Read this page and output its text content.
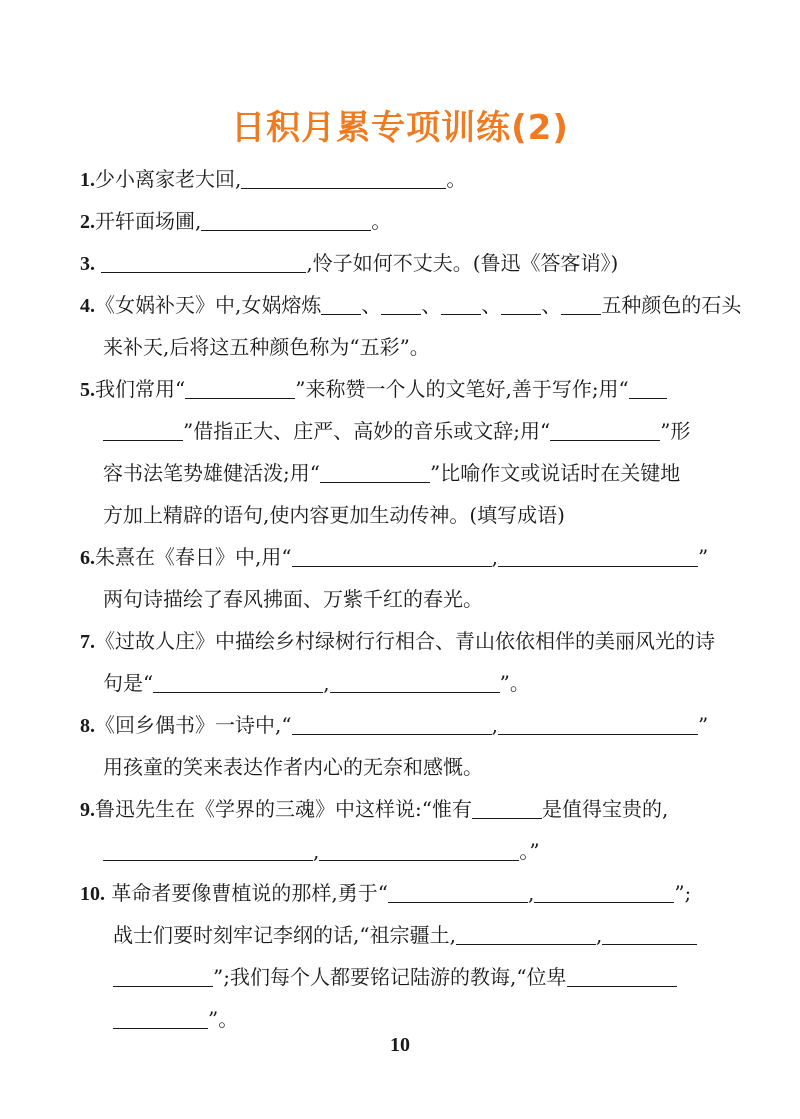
日积月累专项训练(2)
1.少小离家老大回,	。
2.开轩面场圃,	。
3.	,怜子如何不丈夫。(鲁迅《答客诮》)
4.《女娲补天》中,女娲熔炼 、 、 、 、 五种颜色的石头
来补天,后将这五种颜色称为“五彩”。
5.我们常用“	”来称赞一个人的文笔好,善于写作;用“
”借指正大、庄严、高妙的音乐或文辞;用“	”形
容书法笔势雄健活泼;用“	”比喻作文或说话时在关键地
方加上精辟的语句,使内容更加生动传神。(填写成语)
6.朱熹在《春日》中,用“	,	”
两句诗描绘了春风拂面、万紫千红的春光。
7.《过故人庄》中描绘乡村绿树行行相合、青山依依相伴的美丽风光的诗
句是“	,	”。
8.《回乡偶书》一诗中,“	,	”
用孩童的笑来表达作者内心的无奈和感慨。
9.鲁迅先生在《学界的三魂》中这样说:“惟有	是值得宝贵的,
,	。”
10. 革命者要像曹植说的那样,勇于“	,	”;
战士们要时刻牢记李纲的话,“祖宗疆土,	,
”;我们每个人都要铭记陆游的教诲,“位卑
”。
10
